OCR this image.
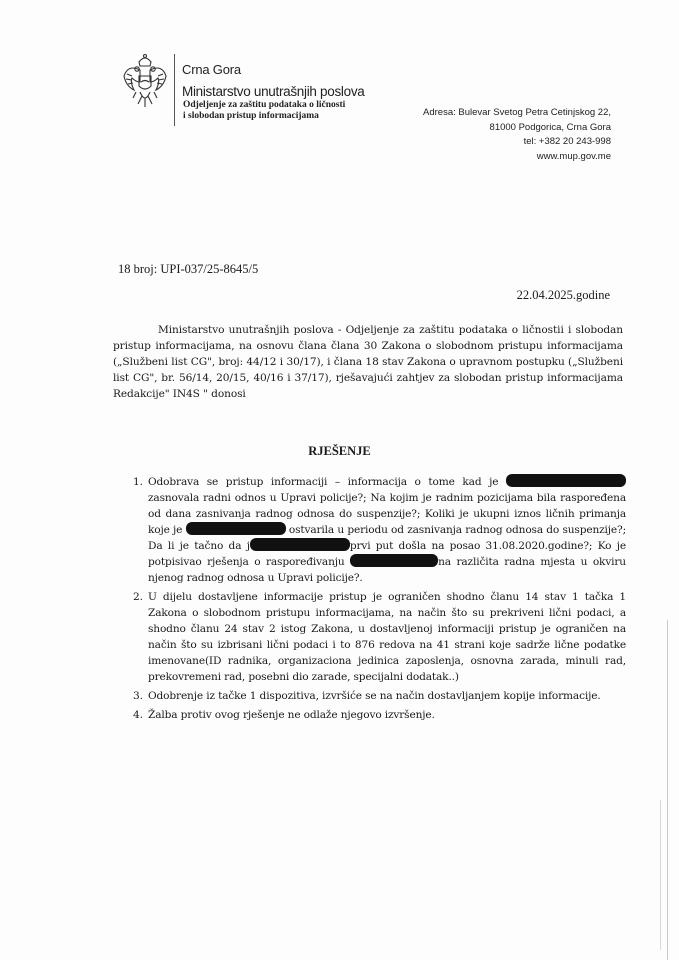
Crna Gora
Ministarstvo unutrašnjih poslova
Odjeljenje za zaštitu podataka o ličnosti
i slobodan pristup informacijama	Adresa: Bulevar Svetog Petra Cetinjskog 22,
81000 Podgorica, Crna Gora
tel: +382 20 243-998
www.mup.gov.me
18 broj: UPI-037/25-8645/5
22.04.2025.godine
Ministarstvo unutrašnjih poslova - Odjeljenje za zaštitu podataka o ličnostii i slobodan pristup informacijama, na osnovu člana člana 30 Zakona o slobodnom pristupu informacijama („Službeni list CG", broj: 44/12 i 30/17), i člana 18 stav Zakona o upravnom postupku („Službeni list CG", br. 56/14, 20/15, 40/16 i 37/17), rješavajući zahtjev za slobodan pristup informacijama Redakcije" IN4S " donosi
RJEŠENJE
1. Odobrava se pristup informaciji – informacija o tome kad je  zasnovala radni odnos u Upravi policije?; Na kojim je radnim pozicijama bila raspoređena od dana zasnivanja radnog odnosa do suspenzije?; Koliki je ukupni iznos ličnih primanja koje je	ostvarila u periodu od zasnivanja radnog odnosa do suspenzije?; Da li je tačno da j	prvi put došla na posao 31.08.2020.godine?; Ko je potpisivao rješenja o raspoređivanju	na različita radna mjesta u okviru njenog radnog odnosa u Upravi policije?.
2. U dijelu dostavljene informacije pristup je ograničen shodno članu 14 stav 1 tačka 1 Zakona o slobodnom pristupu informacijama, na način što su prekriveni lični podaci, a shodno članu 24 stav 2 istog Zakona, u dostavljenoj informaciji pristup je ograničen na način što su izbrisani lični podaci i to 876 redova na 41 strani koje sadrže lične podatke imenovane(ID radnika, organizaciona jedinica zaposlenja, osnovna zarada, minuli rad, prekovremeni rad, posebni dio zarade, specijalni dodatak..)
3. Odobrenje iz tačke 1 dispozitiva, izvršiće se na način dostavljanjem kopije informacije.
4. Žalba protiv ovog rješenje ne odlaže njegovo izvršenje.
